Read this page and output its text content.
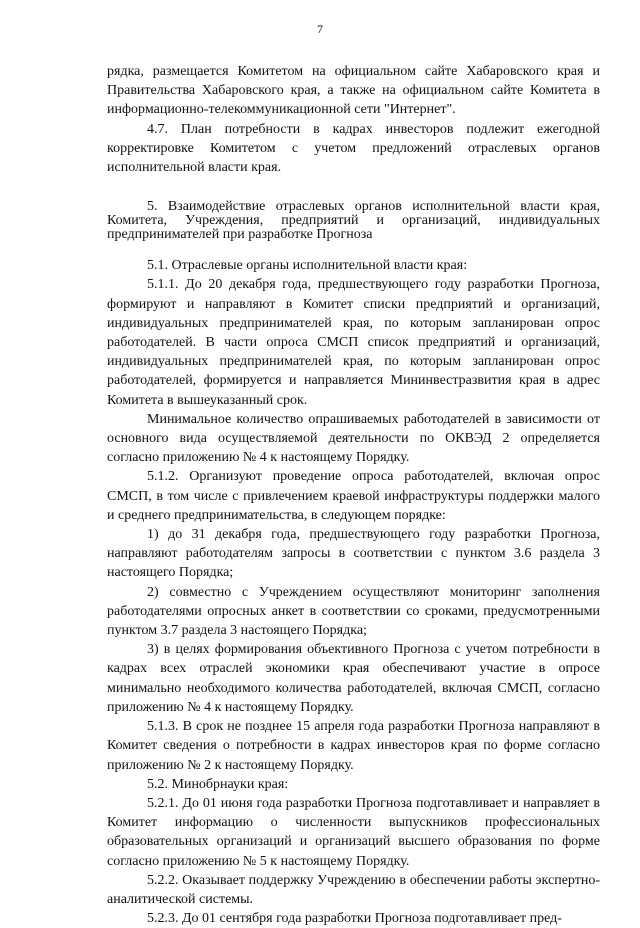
7

рядка, размещается Комитетом на официальном сайте Хабаровского края и Правительства Хабаровского края, а также на официальном сайте Комитета в информационно-телекоммуникационной сети "Интернет".

4.7. План потребности в кадрах инвесторов подлежит ежегодной корректировке Комитетом с учетом предложений отраслевых органов исполнительной власти края.

5. Взаимодействие отраслевых органов исполнительной власти края, Комитета, Учреждения, предприятий и организаций, индивидуальных предпринимателей при разработке Прогноза

5.1. Отраслевые органы исполнительной власти края:

5.1.1. До 20 декабря года, предшествующего году разработки Прогноза, формируют и направляют в Комитет списки предприятий и организаций, индивидуальных предпринимателей края, по которым запланирован опрос работодателей. В части опроса СМСП список предприятий и организаций, индивидуальных предпринимателей края, по которым запланирован опрос работодателей, формируется и направляется Мининвестразвития края в адрес Комитета в вышеуказанный срок.

Минимальное количество опрашиваемых работодателей в зависимости от основного вида осуществляемой деятельности по ОКВЭД 2 определяется согласно приложению № 4 к настоящему Порядку.

5.1.2. Организуют проведение опроса работодателей, включая опрос СМСП, в том числе с привлечением краевой инфраструктуры поддержки малого и среднего предпринимательства, в следующем порядке:

1) до 31 декабря года, предшествующего году разработки Прогноза, направляют работодателям запросы в соответствии с пунктом 3.6 раздела 3 настоящего Порядка;

2) совместно с Учреждением осуществляют мониторинг заполнения работодателями опросных анкет в соответствии со сроками, предусмотренными пунктом 3.7 раздела 3 настоящего Порядка;

3) в целях формирования объективного Прогноза с учетом потребности в кадрах всех отраслей экономики края обеспечивают участие в опросе минимально необходимого количества работодателей, включая СМСП, согласно приложению № 4 к настоящему Порядку.

5.1.3. В срок не позднее 15 апреля года разработки Прогноза направляют в Комитет сведения о потребности в кадрах инвесторов края по форме согласно приложению № 2 к настоящему Порядку.

5.2. Минобрнауки края:

5.2.1. До 01 июня года разработки Прогноза подготавливает и направляет в Комитет информацию о численности выпускников профессиональных образовательных организаций и организаций высшего образования по форме согласно приложению № 5 к настоящему Порядку.

5.2.2. Оказывает поддержку Учреждению в обеспечении работы экспертно-аналитической системы.

5.2.3. До 01 сентября года разработки Прогноза подготавливает пред-
